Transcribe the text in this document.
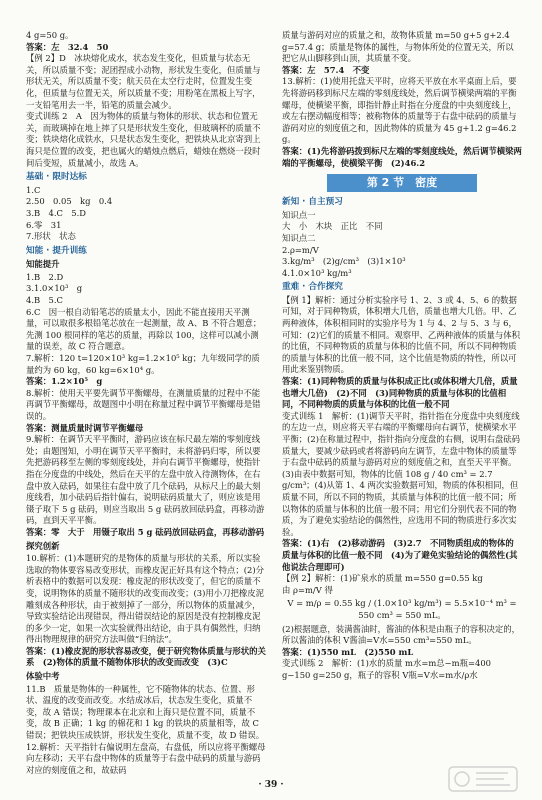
4 g=50 g。

答案：左　32.4　50

【例 2】D　冰块熔化成水，状态发生变化，但质量与状态无关，所以质量不变；泥团捏成小动物，形状发生变化，但质量与形状无关，所以质量不变；航天员在太空行走时，位置发生变化，但质量与位置无关，所以质量不变；用粉笔在黑板上写字，一支铅笔用去一半，铅笔的质量会减少。

变式训练 2　A　因为物体的质量与物体的形状、状态和位置无关，而玻璃掉在地上摔了只是形状发生变化，但玻璃杯的质量不变；铁块熔化成铁水，只是状态发生变化，把铁块从北京寄到上海只是位置的改变，把也属火的蜡烛点燃后，蜡烛在燃烧一段时间后变短，质量减小，故选 A。

基础 · 限时达标

1.C

2.50　0.05　kg　0.4

3.B　4.C　5.D

6.零　31

7.形状　状态

知能 · 提升训练

知能提升

1.B　2.D

3.1.0×10³　g

4.B　5.C

6.C　因一根自动铅笔芯的质量太小，因此不能直接用天平测量，可以取很多根铅笔芯放在一起测量，故 A、B 不符合题意；先测 100 根同样的笔芯的质量，再除以 100，这样可以减小测量的误差，故 C 符合题意。

7.解析：120 t=120×10³ kg=1.2×10⁵ kg；九年级同学的质量约为 60 kg，60 kg=6×10⁴ g。

答案：1.2×10⁵　g

8.解析：使用天平要先调节平衡螺母，在测量质量的过程中不能再调节平衡螺母，故题图中小明在称量过程中调节平衡螺母是错误的。

答案：测量质量时调节平衡螺母

9.解析：在调节天平平衡时，游码应该在标尺最左端的零刻度线处；由题图知，小明在调节天平平衡时，未将游码归零，所以要先把游码移至左侧的零刻度线处，并向右调节平衡螺母，使指针指在分度盘的中线处，然后在天平的左盘中放入待测物体，在右盘中放入砝码，如果往右盘中放了几个砝码，从标尺上的最大刻度线看，加小砝码后指针偏右，说明砝码质量大了，则应该是用镊子取下 5 g 砝码，则应当取出 5 g 砝码放回砝码盒，再移动游码，直到天平平衡。

答案：零　大于　用镊子取出 5 g 砝码放回砝码盒，再移动游码

探究创新

10.解析：(1)本题研究的是物体的质量与形状的关系，所以实验选取的物体要容易改变形状，而橡皮泥正好具有这个特点；(2)分析表格中的数据可以发现：橡皮泥的形状改变了，但它的质量不变，说明物体的质量不随形状的改变而改变；(3)用小刀把橡皮泥雕刻成各种形状，由于被刻掉了一部分，所以物体的质量减少，导致实验结论出现错误，得出错误结论的原因是没有控制橡皮泥的多少一定，如果一次实验就得出结论，由于具有偶然性，归纳得出物理规律的研究方法叫做“归纳法”。

答案：(1)橡皮泥的形状容易改变，便于研究物体质量与形状的关系　(2)物体的质量不随物体形状的改变而改变　(3)C

体验中考

11.B　质量是物体的一种属性，它不随物体的状态、位置、形状、温度的改变而改变。水结成冰后，状态发生变化，质量不变，故 A 错误；物理课本在北京和上海只是位置不同，质量不变，故 B 正确；1 kg 的棉花和 1 kg 的铁块的质量相等，故 C 错误；把铁块压成铁饼，形状发生变化，质量不变，故 D 错误。

12.解析：天平指针右偏说明左盘高，右盘低，所以应将平衡螺母向左移动；天平右盘中物体的质量等于右盘中砝码的质量与游码对应的刻度值之和，故砝码

质量与游码对应的质量之和，故物体质量 m=50 g+5 g+2.4 g=57.4 g；质量是物体的属性，与物体所处的位置无关，所以把它从山脚移到山顶，其质量不变。

答案：左　57.4　不变

13.解析：(1)使用托盘天平时，应将天平放在水平桌面上后，要先将游码移到标尺左端的零刻度线处，然后调节横梁两端的平衡螺母，使横梁平衡，即指针静止时指在分度盘的中央刻度线上，或左右摆动幅度相等；被称物体的质量等于右盘中砝码的质量与游码对应的刻度值之和，因此物体的质量为 45 g+1.2 g=46.2 g。

答案：(1)先将游码拨到标尺左端的零刻度线处，然后调节横梁两端的平衡螺母，使横梁平衡　(2)46.2

第 2 节　密度

新知 · 自主预习

知识点一

大　小　木块　正比　不同

知识点二

2.ρ=m/V

3.kg/m³　(2)g/cm³　(3)1×10³

4.1.0×10³ kg/m³

重难 · 合作探究

【例 1】解析：通过分析实验序号 1、2、3 或 4、5、6 的数据可知，对于同种物质，体积增大几倍，质量也增大几倍。甲、乙两种液体，体积相同时的实验序号为 1 与 4、2 与 5、3 与 6，可知：(2)它们的质量不相同。观察甲、乙两种液体的质量与体积的比值，不同种物质的质量与体积的比值不同，所以不同种物质的质量与体积的比值一般不同，这个比值是物质的特性，所以可用此来鉴别物质。

答案：(1)同种物质的质量与体积成正比(或体积增大几倍，质量也增大几倍)　(2)不同　(3)同种物质的质量与体积的比值相同，不同种物质的质量与体积的比值一般不同

变式训练 1　解析：(1)调节天平时，指针指在分度盘中央刻度线的左边一点，则应将天平右端的平衡螺母向右调节，使横梁水平平衡；(2)在称量过程中，指针指向分度盘的右侧，说明右盘砝码质量大，要减少砝码或者将游码向左调节，左盘中物体的质量等于右盘中砝码的质量与游码对应的刻度值之和，直至天平平衡。

(3)由表中数据可知，物体的比值 108 g / 40 cm³ = 2.7 g/cm³；(4)从第 1、4 两次实验数据可知，物质的体积相同，但质量不同，所以不同的物质，其质量与体积的比值一般不同；所以物体的质量与体积的比值一般不同；用它们分别代表不同的物质，为了避免实验结论的偶然性，应选用不同的物质进行多次实验。

答案：(1)右　(2)移动游码　(3)2.7　不同物质组成的物体的质量与体积的比值一般不同　(4)为了避免实验结论的偶然性(其他说法合理即可)

【例 2】解析：(1)矿泉水的质量 m=550 g=0.55 kg

由 ρ=m/V 得

V = m/ρ = 0.55 kg / (1.0×10³ kg/m³) = 5.5×10⁻⁴ m³ = 550 cm³ = 550 mL。

(2)根据题意，装满酱油时，酱油的体积是由瓶子的容积决定的，所以酱油的体积 V酱油=V水=550 cm³=550 mL。

答案：(1)550 mL　(2)550 mL

变式训练 2　解析：(1)水的质量 m水=m总−m瓶=400 g−150 g=250 g，瓶子的容积 V瓶=V水=m水/ρ水

· 39 ·
